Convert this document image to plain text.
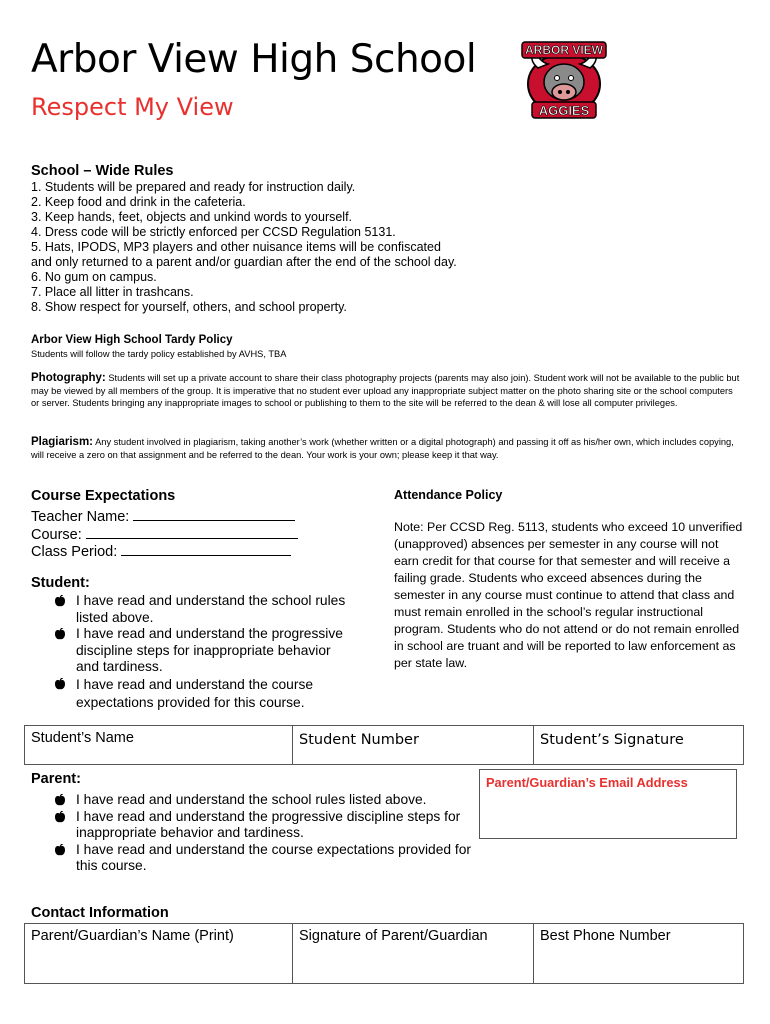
Arbor View High School
Respect My View
ARBOR VIEW
AGGIES
School – Wide Rules
1. Students will be prepared and ready for instruction daily.
2. Keep food and drink in the cafeteria.
3. Keep hands, feet, objects and unkind words to yourself.
4. Dress code will be strictly enforced per CCSD Regulation 5131.
5. Hats, IPODS, MP3 players and other nuisance items will be confiscated
and only returned to a parent and/or guardian after the end of the school day.
6. No gum on campus.
7. Place all litter in trashcans.
8. Show respect for yourself, others, and school property.
Arbor View High School Tardy Policy
Students will follow the tardy policy established by AVHS, TBA
Photography: Students will set up a private account to share their class photography projects (parents may also join). Student work will not be available to the public but may be viewed by all members of the group. It is imperative that no student ever upload any inappropriate subject matter on the photo sharing site or the school computers or server. Students bringing any inappropriate images to school or publishing to them to the site will be referred to the dean & will lose all computer privileges.
Plagiarism: Any student involved in plagiarism, taking another’s work (whether written or a digital photograph) and passing it off as his/her own, which includes copying, will receive a zero on that assignment and be referred to the dean. Your work is your own; please keep it that way.
Course Expectations
Teacher Name:
Course:
Class Period:
Attendance Policy
Note: Per CCSD Reg. 5113, students who exceed 10 unverified (unapproved) absences per semester in any course will not earn credit for that course for that semester and will receive a failing grade. Students who exceed absences during the semester in any course must continue to attend that class and must remain enrolled in the school’s regular instructional program. Students who do not attend or do not remain enrolled in school are truant and will be reported to law enforcement as per state law.
Student:
I have read and understand the school rules listed above.
I have read and understand the progressive discipline steps for inappropriate behavior and tardiness.
I have read and understand the course expectations provided for this course.
Student’s Name	Student Number	Student’s Signature
Parent:	Parent/Guardian’s Email Address
I have read and understand the school rules listed above.
I have read and understand the progressive discipline steps for inappropriate behavior and tardiness.
I have read and understand the course expectations provided for this course.
Contact Information
Parent/Guardian’s Name (Print)	Signature of Parent/Guardian	Best Phone Number
